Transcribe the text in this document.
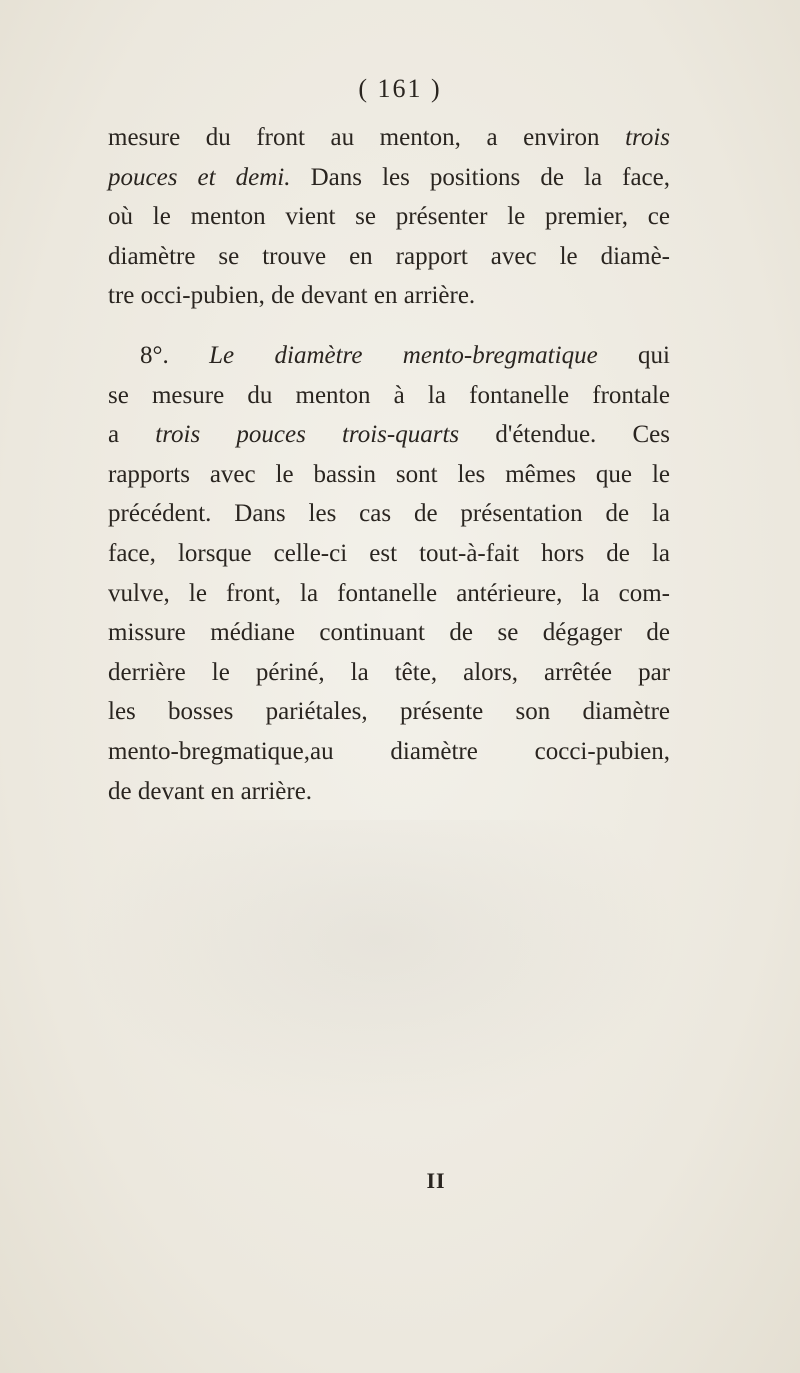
( 161 )
mesure du front au menton, a environ trois
pouces et demi. Dans les positions de la face,
où le menton vient se présenter le premier, ce
diamètre se trouve en rapport avec le diamè-
tre occi-pubien, de devant en arrière.
8°. Le diamètre mento-bregmatique qui
se mesure du menton à la fontanelle frontale
a trois pouces trois-quarts d'étendue. Ces
rapports avec le bassin sont les mêmes que le
précédent. Dans les cas de présentation de la
face, lorsque celle-ci est tout-à-fait hors de la
vulve, le front, la fontanelle antérieure, la com-
missure médiane continuant de se dégager de
derrière le périné, la tête, alors, arrêtée par
les bosses pariétales, présente son diamètre
mento-bregmatique,au diamètre cocci-pubien,
de devant en arrière.
II
